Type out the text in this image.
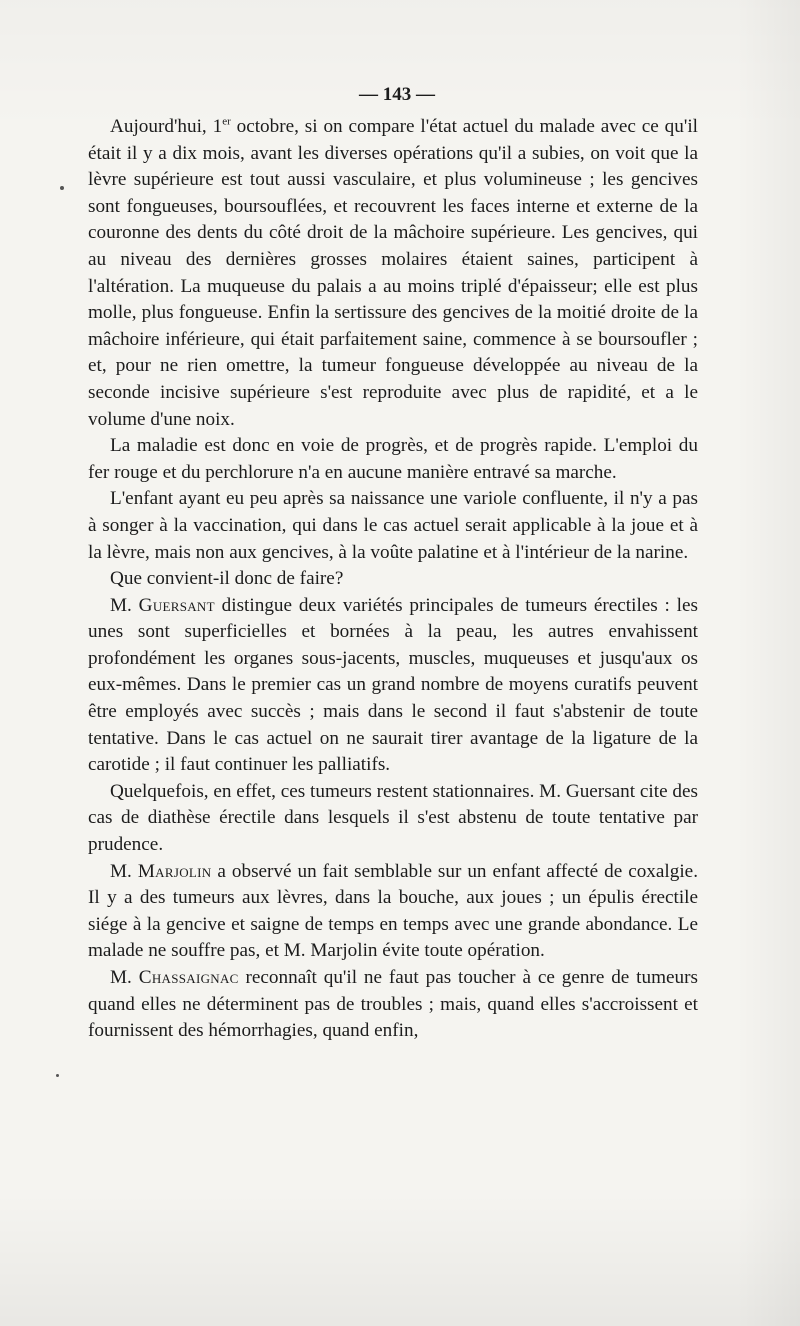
— 143 —

Aujourd'hui, 1er octobre, si on compare l'état actuel du malade avec ce qu'il était il y a dix mois, avant les diverses opérations qu'il a subies, on voit que la lèvre supérieure est tout aussi vasculaire, et plus volumineuse ; les gencives sont fongueuses, boursouflées, et recouvrent les faces interne et externe de la couronne des dents du côté droit de la mâchoire supérieure. Les gencives, qui au niveau des dernières grosses molaires étaient saines, participent à l'altération. La muqueuse du palais a au moins triplé d'épaisseur; elle est plus molle, plus fongueuse. Enfin la sertissure des gencives de la moitié droite de la mâchoire inférieure, qui était parfaitement saine, commence à se boursoufler ; et, pour ne rien omettre, la tumeur fongueuse développée au niveau de la seconde incisive supérieure s'est reproduite avec plus de rapidité, et a le volume d'une noix.

La maladie est donc en voie de progrès, et de progrès rapide. L'emploi du fer rouge et du perchlorure n'a en aucune manière entravé sa marche.

L'enfant ayant eu peu après sa naissance une variole confluente, il n'y a pas à songer à la vaccination, qui dans le cas actuel serait applicable à la joue et à la lèvre, mais non aux gencives, à la voûte palatine et à l'intérieur de la narine.

Que convient-il donc de faire?

M. Guersant distingue deux variétés principales de tumeurs érectiles : les unes sont superficielles et bornées à la peau, les autres envahissent profondément les organes sous-jacents, muscles, muqueuses et jusqu'aux os eux-mêmes. Dans le premier cas un grand nombre de moyens curatifs peuvent être employés avec succès ; mais dans le second il faut s'abstenir de toute tentative. Dans le cas actuel on ne saurait tirer avantage de la ligature de la carotide ; il faut continuer les palliatifs.

Quelquefois, en effet, ces tumeurs restent stationnaires. M. Guersant cite des cas de diathèse érectile dans lesquels il s'est abstenu de toute tentative par prudence.

M. Marjolin a observé un fait semblable sur un enfant affecté de coxalgie. Il y a des tumeurs aux lèvres, dans la bouche, aux joues ; un épulis érectile siége à la gencive et saigne de temps en temps avec une grande abondance. Le malade ne souffre pas, et M. Marjolin évite toute opération.

M. Chassaignac reconnaît qu'il ne faut pas toucher à ce genre de tumeurs quand elles ne déterminent pas de troubles ; mais, quand elles s'accroissent et fournissent des hémorrhagies, quand enfin,
